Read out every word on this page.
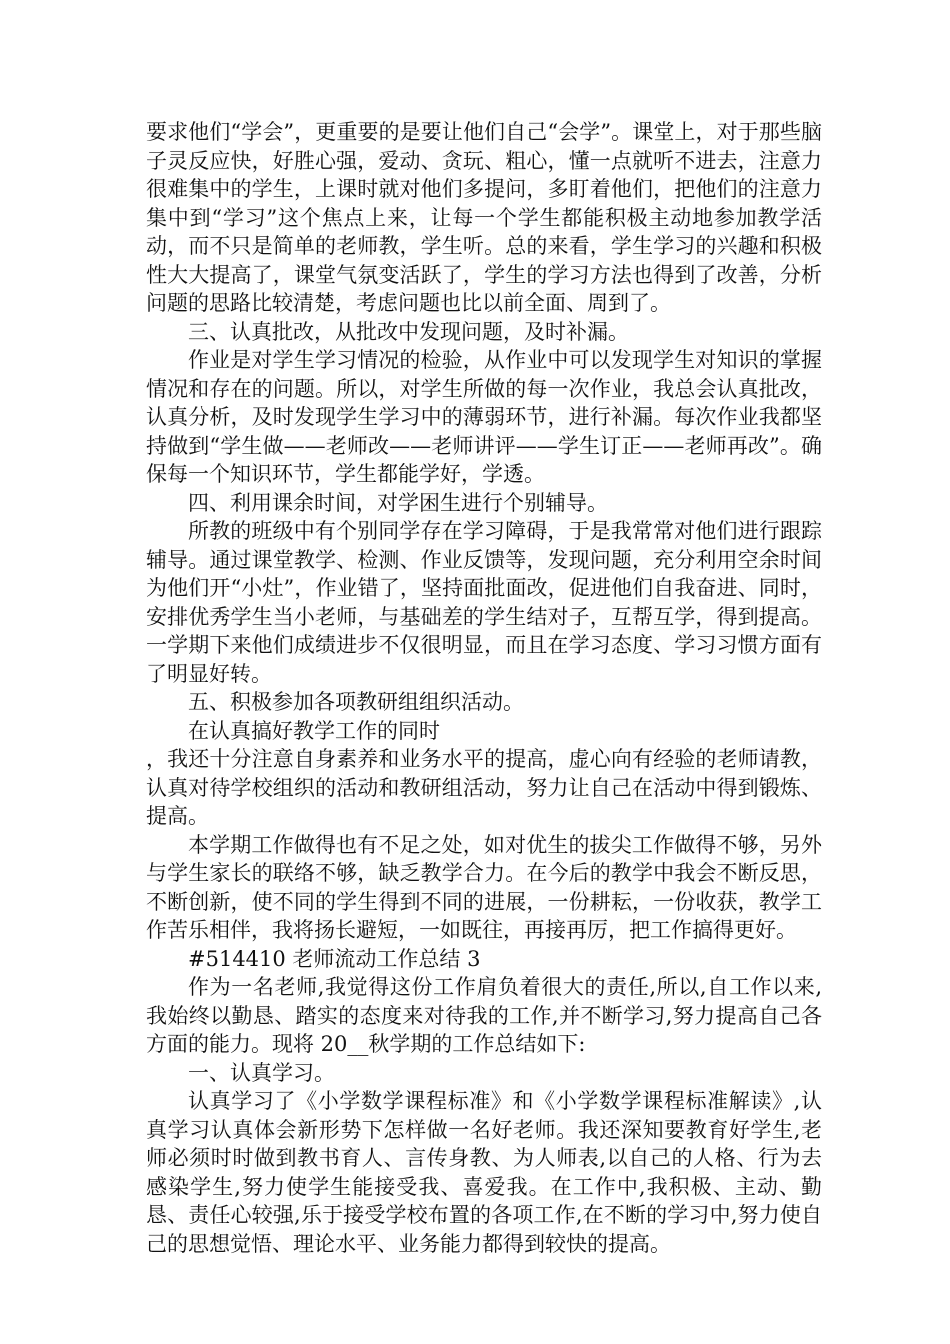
要求他们“学会”，更重要的是要让他们自己“会学”。课堂上，对于那些脑子灵反应快，好胜心强，爱动、贪玩、粗心，懂一点就听不进去，注意力很难集中的学生，上课时就对他们多提问，多盯着他们，把他们的注意力集中到“学习”这个焦点上来，让每一个学生都能积极主动地参加教学活动，而不只是简单的老师教，学生听。总的来看，学生学习的兴趣和积极性大大提高了，课堂气氛变活跃了，学生的学习方法也得到了改善，分析问题的思路比较清楚，考虑问题也比以前全面、周到了。

三、认真批改，从批改中发现问题，及时补漏。

作业是对学生学习情况的检验，从作业中可以发现学生对知识的掌握情况和存在的问题。所以，对学生所做的每一次作业，我总会认真批改，认真分析，及时发现学生学习中的薄弱环节，进行补漏。每次作业我都坚持做到“学生做——老师改——老师讲评——学生订正——老师再改”。确保每一个知识环节，学生都能学好，学透。

四、利用课余时间，对学困生进行个别辅导。

所教的班级中有个别同学存在学习障碍，于是我常常对他们进行跟踪辅导。通过课堂教学、检测、作业反馈等，发现问题，充分利用空余时间为他们开“小灶”，作业错了，坚持面批面改，促进他们自我奋进、同时，安排优秀学生当小老师，与基础差的学生结对子，互帮互学，得到提高。一学期下来他们成绩进步不仅很明显，而且在学习态度、学习习惯方面有了明显好转。

五、积极参加各项教研组组织活动。

在认真搞好教学工作的同时

，我还十分注意自身素养和业务水平的提高，虚心向有经验的老师请教，认真对待学校组织的活动和教研组活动，努力让自己在活动中得到锻炼、提高。

本学期工作做得也有不足之处，如对优生的拔尖工作做得不够，另外与学生家长的联络不够，缺乏教学合力。在今后的教学中我会不断反思，不断创新，使不同的学生得到不同的进展，一份耕耘，一份收获，教学工作苦乐相伴，我将扬长避短，一如既往，再接再厉，把工作搞得更好。

#514410 老师流动工作总结 3

作为一名老师,我觉得这份工作肩负着很大的责任,所以,自工作以来,我始终以勤恳、踏实的态度来对待我的工作,并不断学习,努力提高自己各方面的能力。现将 20__秋学期的工作总结如下:

一、认真学习。

认真学习了《小学数学课程标准》和《小学数学课程标准解读》,认真学习认真体会新形势下怎样做一名好老师。我还深知要教育好学生,老师必须时时做到教书育人、言传身教、为人师表,以自己的人格、行为去感染学生,努力使学生能接受我、喜爱我。在工作中,我积极、主动、勤恳、责任心较强,乐于接受学校布置的各项工作,在不断的学习中,努力使自己的思想觉悟、理论水平、业务能力都得到较快的提高。
